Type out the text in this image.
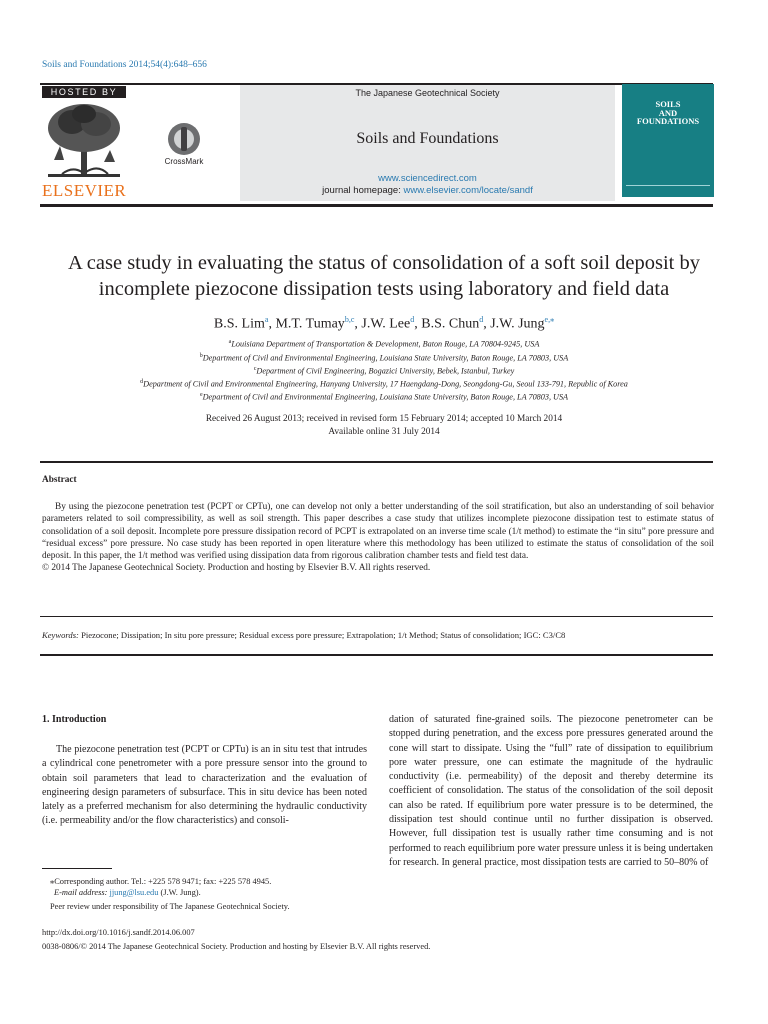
Soils and Foundations 2014;54(4):648–656
HOSTED BY
ELSEVIER
CrossMark
The Japanese Geotechnical Society
Soils and Foundations
www.sciencedirect.com
journal homepage: www.elsevier.com/locate/sandf
SOILS
AND
FOUNDATIONS
A case study in evaluating the status of consolidation of a soft soil deposit by
incomplete piezocone dissipation tests using laboratory and field data
B.S. Lim$^a$, M.T. Tumay$^{b,c}$, J.W. Lee$^d$, B.S. Chun$^d$, J.W. Jung$^{e,⁎}$
$^a$Louisiana Department of Transportation & Development, Baton Rouge, LA 70804-9245, USA
$^b$Department of Civil and Environmental Engineering, Louisiana State University, Baton Rouge, LA 70803, USA
$^c$Department of Civil Engineering, Bogazici University, Bebek, Istanbul, Turkey
$^d$Department of Civil and Environmental Engineering, Hanyang University, 17 Haengdang-Dong, Seongdong-Gu, Seoul 133-791, Republic of Korea
$^e$Department of Civil and Environmental Engineering, Louisiana State University, Baton Rouge, LA 70803, USA
Received 26 August 2013; received in revised form 15 February 2014; accepted 10 March 2014
Available online 31 July 2014
Abstract

By using the piezocone penetration test (PCPT or CPTu), one can develop not only a better understanding of the soil stratification, but also an understanding of soil behavior parameters related to soil compressibility, as well as soil strength. This paper describes a case study that utilizes incomplete piezocone dissipation test to estimate status of consolidation of a soil deposit. Incomplete pore pressure dissipation record of PCPT is extrapolated on an inverse time scale (1/t method) to estimate the “in situ” pore pressure and “residual excess” pore pressure. No case study has been reported in open literature where this methodology has been utilized to estimate the status of consolidation of the soil deposit. In this paper, the 1/t method was verified using dissipation data from rigorous calibration chamber tests and field test data.

© 2014 The Japanese Geotechnical Society. Production and hosting by Elsevier B.V. All rights reserved.

Keywords: Piezocone; Dissipation; In situ pore pressure; Residual excess pore pressure; Extrapolation; 1/t Method; Status of consolidation; IGC: C3/C8
1. Introduction
The piezocone penetration test (PCPT or CPTu) is an in situ test that intrudes a cylindrical cone penetrometer with a pore pressure sensor into the ground to obtain soil parameters that lead to characterization and the evaluation of engineering design parameters of subsurface. This in situ device has been noted lately as a preferred mechanism for also determining the hydraulic conductivity (i.e. permeability and/or the flow characteristics) and consoli-
dation of saturated fine-grained soils. The piezocone penetrometer can be stopped during penetration, and the excess pore pressures generated around the cone will start to dissipate. Using the “full” rate of dissipation to equilibrium pore water pressure, one can estimate the magnitude of the hydraulic conductivity (i.e. permeability) of the deposit and thereby determine its coefficient of consolidation. The status of the consolidation of the soil deposit can also be rated. If equilibrium pore water pressure is to be determined, the dissipation test should continue until no further dissipation is observed. However, full dissipation test is usually rather time consuming and is not performed to reach equilibrium pore water pressure unless it is being undertaken for research. In general practice, most dissipation tests are carried to 50–80% of
⁎Corresponding author. Tel.: +225 578 9471; fax: +225 578 4945.
E-mail address: jjung@lsu.edu (J.W. Jung).
Peer review under responsibility of The Japanese Geotechnical Society.
http://dx.doi.org/10.1016/j.sandf.2014.06.007
0038-0806/© 2014 The Japanese Geotechnical Society. Production and hosting by Elsevier B.V. All rights reserved.
